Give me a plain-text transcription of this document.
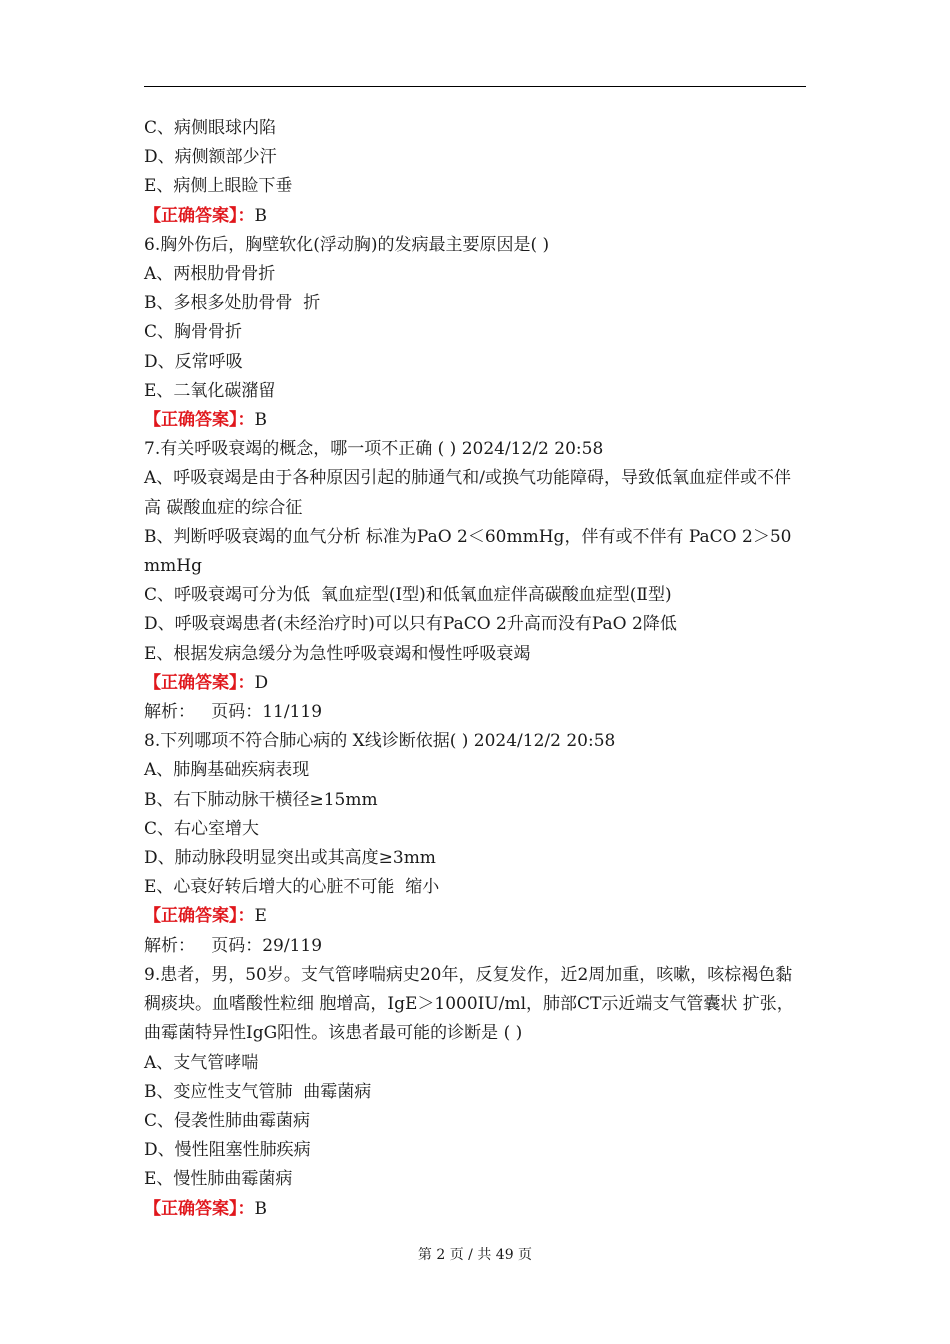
C、病侧眼球内陷

D、病侧额部少汗

E、病侧上眼睑下垂

【正确答案】：B

6.胸外伤后，胸壁软化(浮动胸)的发病最主要原因是( )

A、两根肋骨骨折

B、多根多处肋骨骨  折

C、胸骨骨折

D、反常呼吸

E、二氧化碳潴留

【正确答案】：B

7.有关呼吸衰竭的概念，哪一项不正确 ( ) 2024/12/2 20:58

A、呼吸衰竭是由于各种原因引起的肺通气和/或换气功能障碍，导致低氧血症伴或不伴高 碳酸血症的综合征

B、判断呼吸衰竭的血气分析 标准为PaO 2＜60mmHg，伴有或不伴有 PaCO 2＞50mmHg

C、呼吸衰竭可分为低  氧血症型(Ⅰ型)和低氧血症伴高碳酸血症型(Ⅱ型)

D、呼吸衰竭患者(未经治疗时)可以只有PaCO 2升高而没有PaO 2降低

E、根据发病急缓分为急性呼吸衰竭和慢性呼吸衰竭

【正确答案】：D

解析：   页码：11/119

8.下列哪项不符合肺心病的 X线诊断依据( ) 2024/12/2 20:58

A、肺胸基础疾病表现

B、右下肺动脉干横径≥15mm

C、右心室增大

D、肺动脉段明显突出或其高度≥3mm

E、心衰好转后增大的心脏不可能  缩小

【正确答案】：E

解析：   页码：29/119

9.患者，男，50岁。支气管哮喘病史20年，反复发作，近2周加重，咳嗽，咳棕褐色黏稠痰块。血嗜酸性粒细 胞增高，IgE＞1000IU/ml，肺部CT示近端支气管囊状 扩张，曲霉菌特异性IgG阳性。该患者最可能的诊断是 ( )

A、支气管哮喘

B、变应性支气管肺  曲霉菌病

C、侵袭性肺曲霉菌病

D、慢性阻塞性肺疾病

E、慢性肺曲霉菌病

【正确答案】：B

第 2 页 / 共 49 页
